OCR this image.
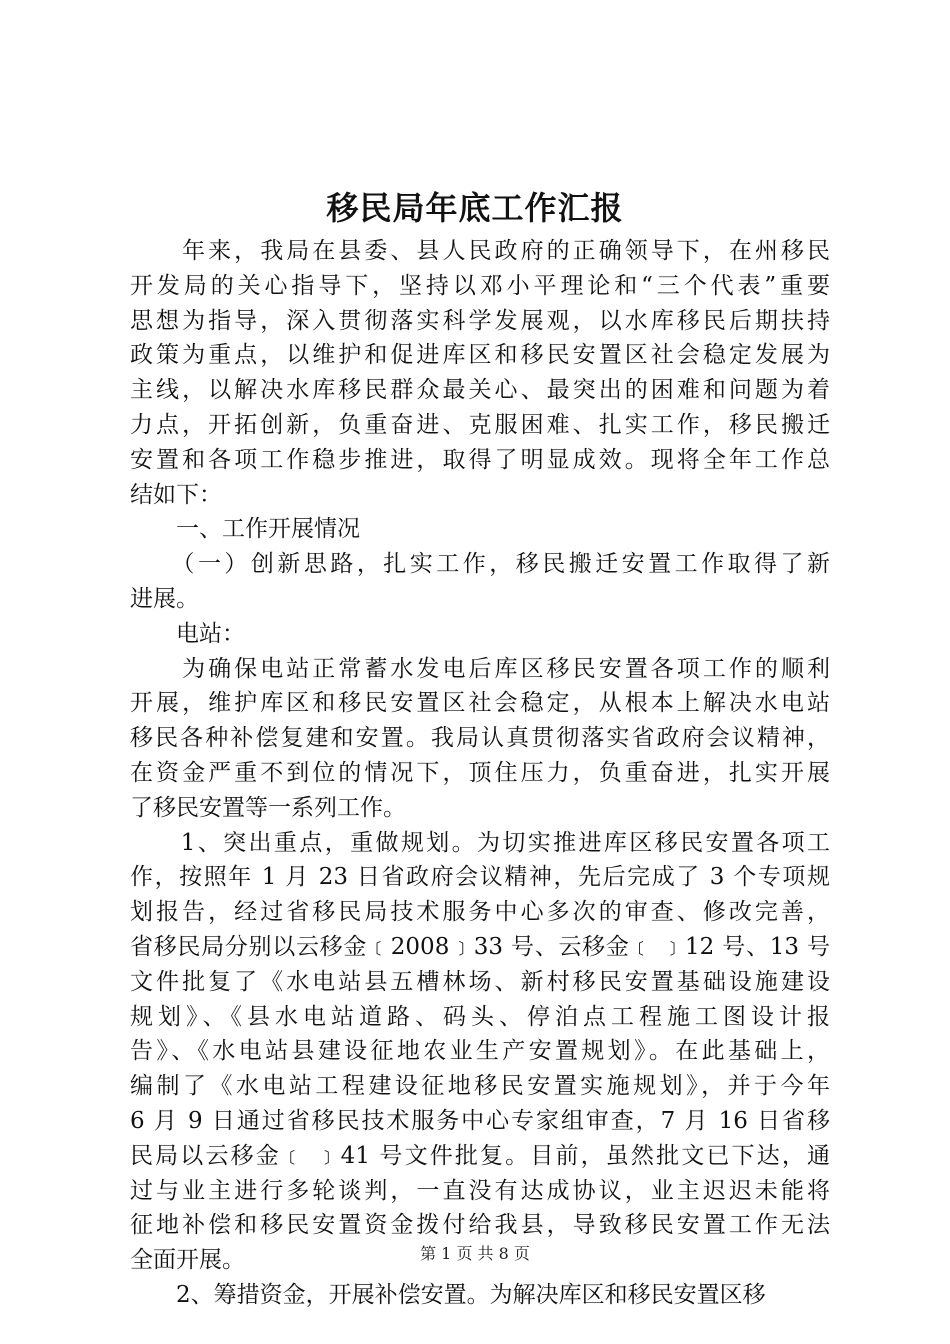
移民局年底工作汇报
　　年来，我局在县委、县人民政府的正确领导下，在州移民
开发局的关心指导下，坚持以邓小平理论和“三个代表”重要
思想为指导，深入贯彻落实科学发展观，以水库移民后期扶持
政策为重点，以维护和促进库区和移民安置区社会稳定发展为
主线，以解决水库移民群众最关心、最突出的困难和问题为着
力点，开拓创新，负重奋进、克服困难、扎实工作，移民搬迁
安置和各项工作稳步推进，取得了明显成效。现将全年工作总
结如下：
　　一、工作开展情况
　　（一）创新思路，扎实工作，移民搬迁安置工作取得了新
进展。
　　电站：
　　为确保电站正常蓄水发电后库区移民安置各项工作的顺利
开展，维护库区和移民安置区社会稳定，从根本上解决水电站
移民各种补偿复建和安置。我局认真贯彻落实省政府会议精神，
在资金严重不到位的情况下，顶住压力，负重奋进，扎实开展
了移民安置等一系列工作。
　　1、突出重点，重做规划。为切实推进库区移民安置各项工
作，按照年 1 月 23 日省政府会议精神，先后完成了 3 个专项规
划报告，经过省移民局技术服务中心多次的审查、修改完善，
省移民局分别以云移金﹝2008﹞33 号、云移金﹝ ﹞12 号、13 号
文件批复了《水电站县五槽林场、新村移民安置基础设施建设
规划》、《县水电站道路、码头、停泊点工程施工图设计报
告》、《水电站县建设征地农业生产安置规划》。在此基础上，
编制了《水电站工程建设征地移民安置实施规划》，并于今年
6 月 9 日通过省移民技术服务中心专家组审查，7 月 16 日省移
民局以云移金﹝ ﹞41 号文件批复。目前，虽然批文已下达，通
过与业主进行多轮谈判，一直没有达成协议，业主迟迟未能将
征地补偿和移民安置资金拨付给我县，导致移民安置工作无法
全面开展。
　　2、筹措资金，开展补偿安置。为解决库区和移民安置区移
第 1 页 共 8 页
